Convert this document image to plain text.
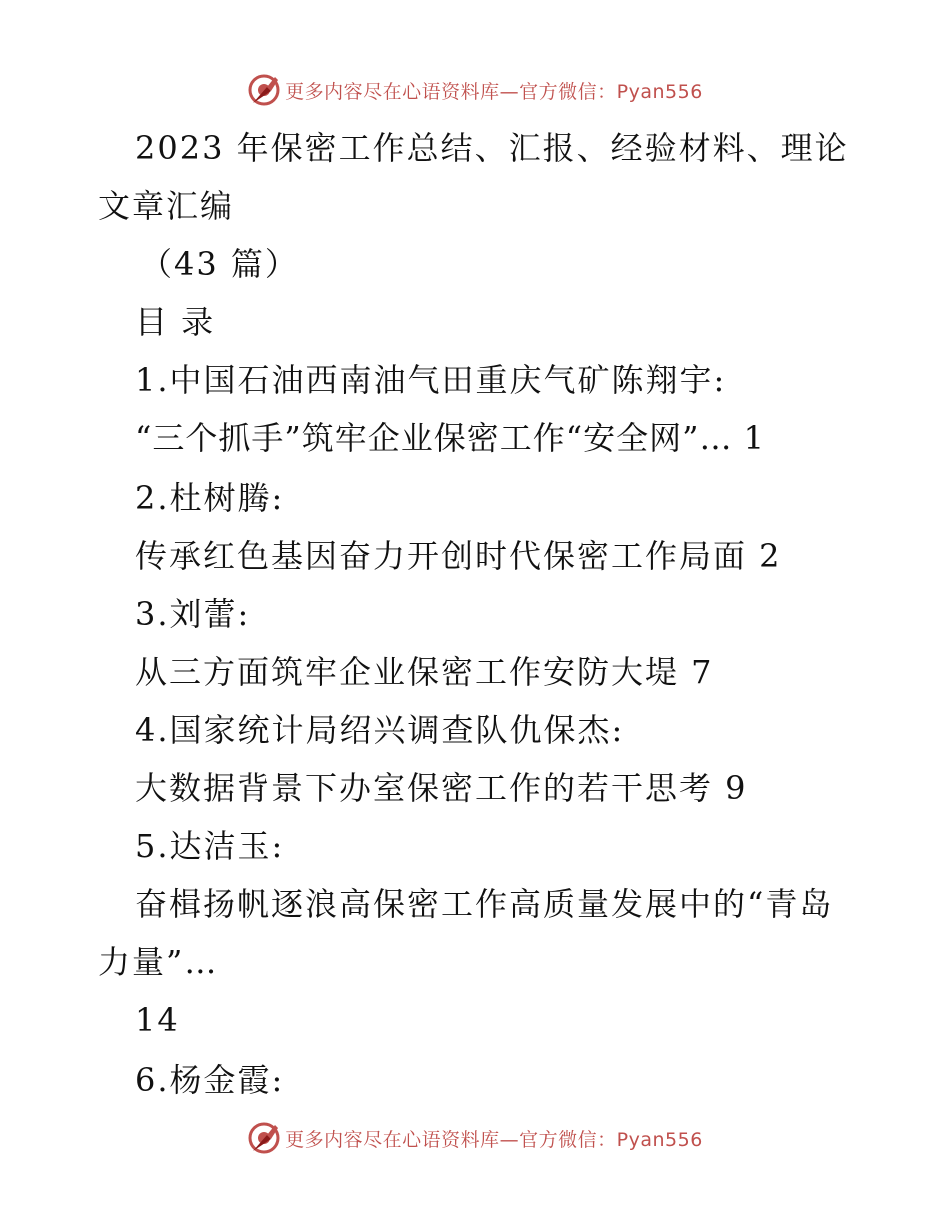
更多内容尽在心语资料库—官方微信：Pyan556
2023 年保密工作总结、汇报、经验材料、理论
文章汇编
（43 篇）
目 录
1.中国石油西南油气田重庆气矿陈翔宇:
“三个抓手”筑牢企业保密工作“安全网”… 1
2.杜树腾:
传承红色基因奋力开创时代保密工作局面 2
3.刘蕾:
从三方面筑牢企业保密工作安防大堤 7
4.国家统计局绍兴调查队仇保杰:
大数据背景下办室保密工作的若干思考 9
5.达洁玉:
奋楫扬帆逐浪高保密工作高质量发展中的“青岛
力量”…
14
6.杨金霞:
更多内容尽在心语资料库—官方微信：Pyan556
